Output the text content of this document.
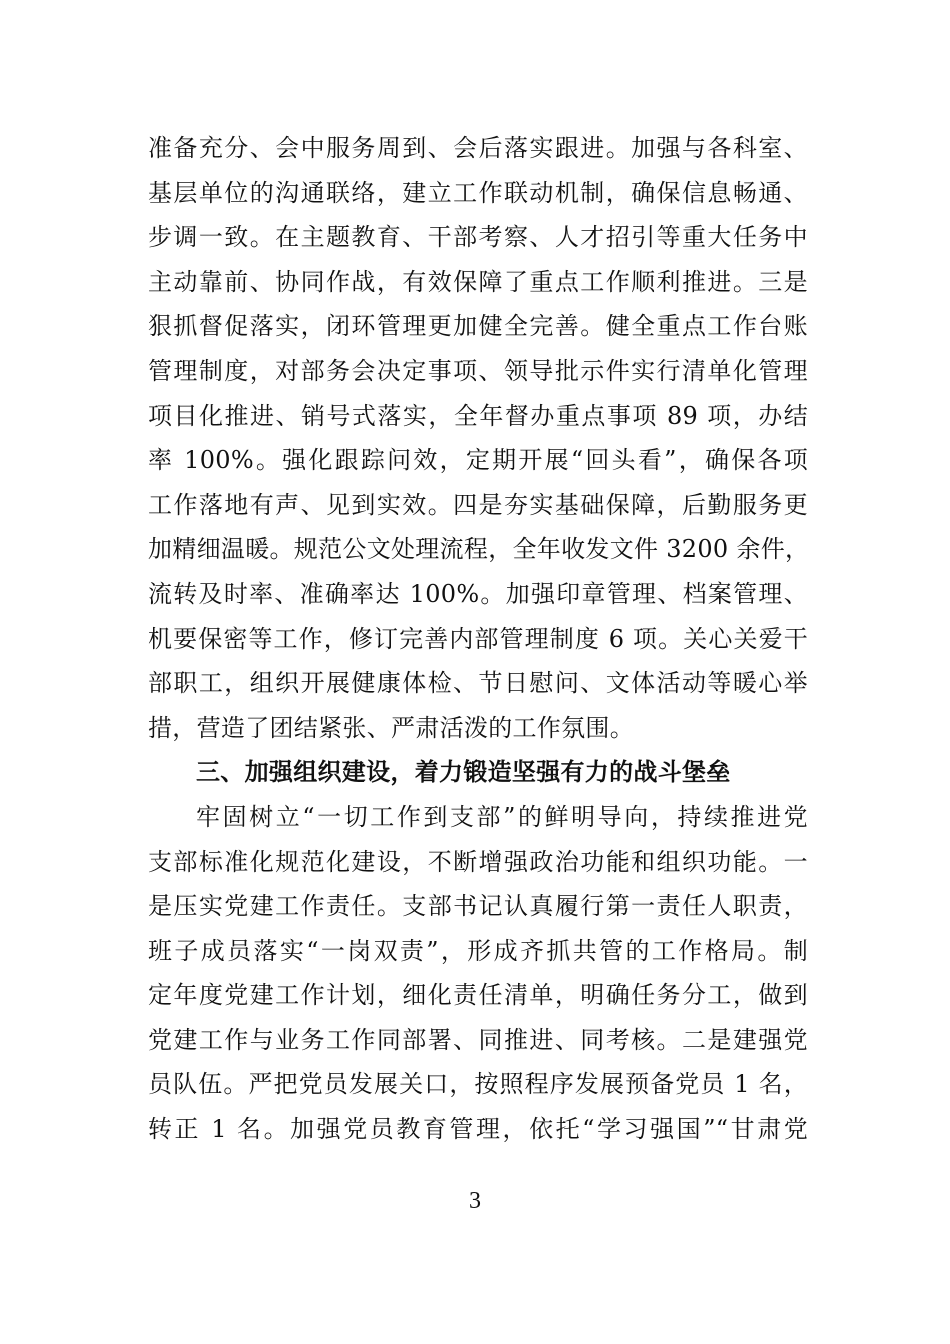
准备充分、会中服务周到、会后落实跟进。加强与各科室、
基层单位的沟通联络，建立工作联动机制，确保信息畅通、
步调一致。在主题教育、干部考察、人才招引等重大任务中
主动靠前、协同作战，有效保障了重点工作顺利推进。三是
狠抓督促落实，闭环管理更加健全完善。健全重点工作台账
管理制度，对部务会决定事项、领导批示件实行清单化管理
项目化推进、销号式落实，全年督办重点事项 89 项，办结
率 100%。强化跟踪问效，定期开展“回头看”，确保各项
工作落地有声、见到实效。四是夯实基础保障，后勤服务更
加精细温暖。规范公文处理流程，全年收发文件 3200 余件，
流转及时率、准确率达 100%。加强印章管理、档案管理、
机要保密等工作，修订完善内部管理制度 6 项。关心关爱干
部职工，组织开展健康体检、节日慰问、文体活动等暖心举
措，营造了团结紧张、严肃活泼的工作氛围。
三、加强组织建设，着力锻造坚强有力的战斗堡垒
牢固树立“一切工作到支部”的鲜明导向，持续推进党
支部标准化规范化建设，不断增强政治功能和组织功能。一
是压实党建工作责任。支部书记认真履行第一责任人职责，
班子成员落实“一岗双责”，形成齐抓共管的工作格局。制
定年度党建工作计划，细化责任清单，明确任务分工，做到
党建工作与业务工作同部署、同推进、同考核。二是建强党
员队伍。严把党员发展关口，按照程序发展预备党员 1 名，
转正 1 名。加强党员教育管理，依托“学习强国”“甘肃党
3
